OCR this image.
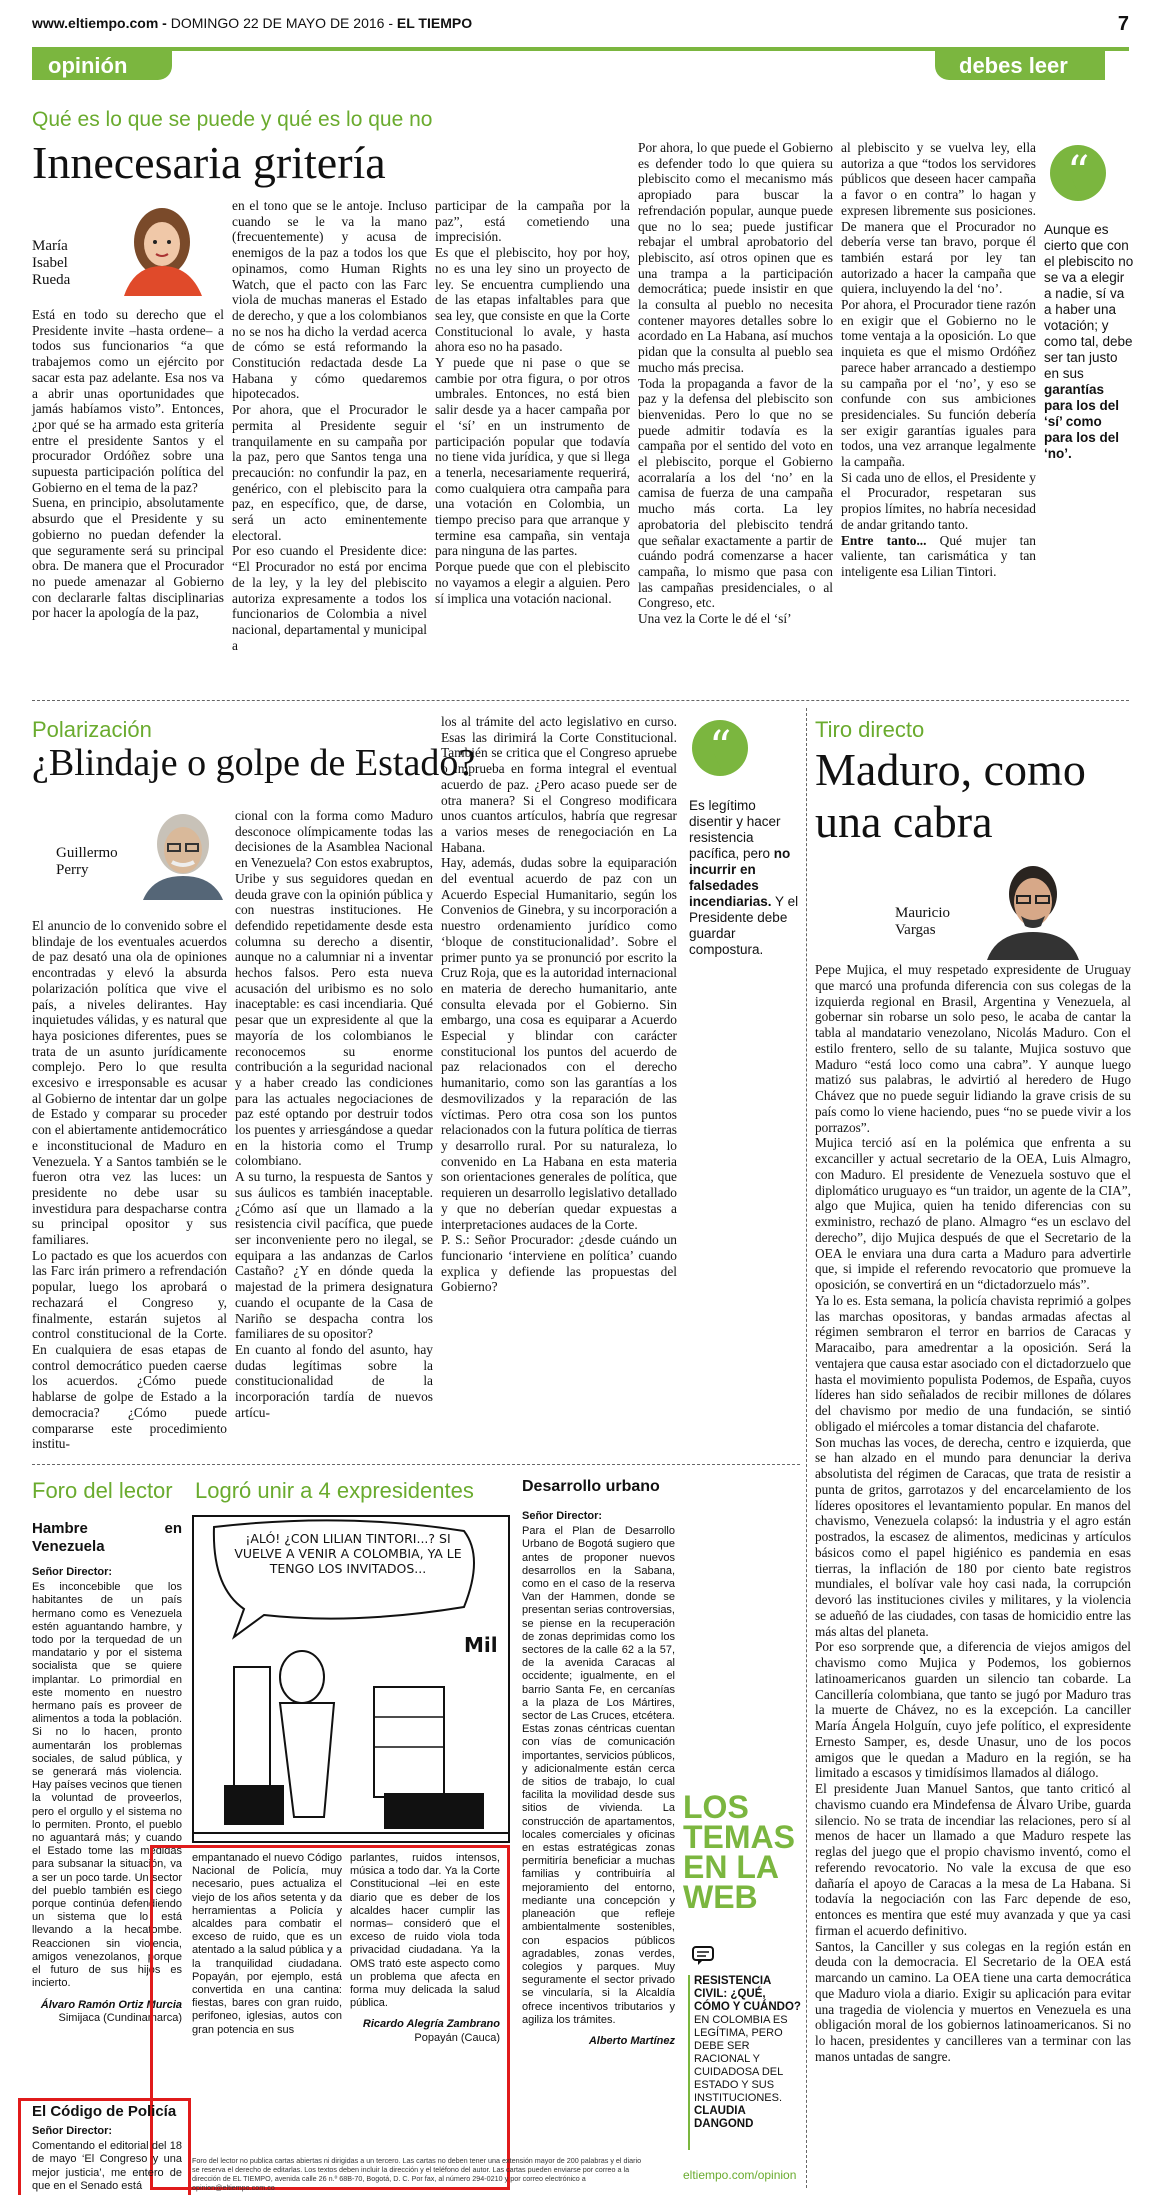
www.eltiempo.com - DOMINGO 22 DE MAYO DE 2016 - EL TIEMPO	7
opinión	debes leer
Qué es lo que se puede y qué es lo que no
Innecesaria gritería
María
Isabel
Rueda
Está en todo su derecho que el Presidente invite –hasta ordene– a todos sus funcionarios “a que trabajemos como un ejército por sacar esta paz adelante. Esa nos va a abrir unas oportunidades que jamás habíamos visto”. Entonces, ¿por qué se ha armado esta gritería entre el presidente Santos y el procurador Ordóñez sobre una supuesta participación política del Gobierno en el tema de la paz?
Suena, en principio, absolutamente absurdo que el Presidente y su gobierno no puedan defender la que seguramente será su principal obra. De manera que el Procurador no puede amenazar al Gobierno con declararle faltas disciplinarias por hacer la apología de la paz,
en el tono que se le antoje. Incluso cuando se le va la mano (frecuentemente) y acusa de enemigos de la paz a todos los que opinamos, como Human Rights Watch, que el pacto con las Farc viola de muchas maneras el Estado de derecho, y que a los colombianos no se nos ha dicho la verdad acerca de cómo se está reformando la Constitución redactada desde La Habana y cómo quedaremos hipotecados.
Por ahora, que el Procurador le permita al Presidente seguir tranquilamente en su campaña por la paz, pero que Santos tenga una precaución: no confundir la paz, en genérico, con el plebiscito para la paz, en específico, que, de darse, será un acto eminentemente electoral.
Por eso cuando el Presidente dice: “El Procurador no está por encima de la ley, y la ley del plebiscito autoriza expresamente a todos los funcionarios de Colombia a nivel nacional, departamental y municipal a
participar de la campaña por la paz”, está cometiendo una imprecisión.
Es que el plebiscito, hoy por hoy, no es una ley sino un proyecto de ley. Se encuentra cumpliendo una de las etapas infaltables para que sea ley, que consiste en que la Corte Constitucional lo avale, y hasta ahora eso no ha pasado.
Y puede que ni pase o que se cambie por otra figura, o por otros umbrales. Entonces, no está bien salir desde ya a hacer campaña por el ‘sí’ en un instrumento de participación popular que todavía no tiene vida jurídica, y que si llega a tenerla, necesariamente requerirá, como cualquiera otra campaña para una votación en Colombia, un tiempo preciso para que arranque y terminе esa campaña, sin ventaja para ninguna de las partes.
Porque puede que con el plebiscito no vayamos a elegir a alguien. Pero sí implica una votación nacional.
Por ahora, lo que puede el Gobierno es defender todo lo que quiera su plebiscito como el mecanismo más apropiado para buscar la refrendación popular, aunque puede que no lo sea; puede justificar rebajar el umbral aprobatorio del plebiscito, así otros opinen que es una trampa a la participación democrática; puede insistir en que la consulta al pueblo no necesita contener mayores detalles sobre lo acordado en La Habana, así muchos pidan que la consulta al pueblo sea mucho más precisa.
Toda la propaganda a favor de la paz y la defensa del plebiscito son bienvenidas. Pero lo que no se puede admitir todavía es la campaña por el sentido del voto en el plebiscito, porque el Gobierno acorralaría a los del ‘no’ en la camisa de fuerza de una campaña mucho más corta. La ley aprobatoria del plebiscito tendrá que señalar exactamente a partir de cuándo podrá comenzarse a hacer campaña, lo mismo que pasa con las campañas presidenciales, o al Congreso, etc.
Una vez la Corte le dé el ‘sí’
al plebiscito y se vuelva ley, ella autoriza a que “todos los servidores públicos que deseen hacer campaña a favor o en contra” lo hagan y expresen libremente sus posiciones. De manera que el Procurador no debería verse tan bravo, porque él también estará por ley tan autorizado a hacer la campaña que quiera, incluyendo la del ‘no’.
Por ahora, el Procurador tiene razón en exigir que el Gobierno no le tome ventaja a la oposición. Lo que inquieta es que el mismo Ordóñez parece haber arrancado a destiempo su campaña por el ‘no’, y eso se confunde con sus ambiciones presidenciales. Su función debería ser exigir garantías iguales para todos, una vez arranque legalmente la campaña.
Si cada uno de ellos, el Presidente y el Procurador, respetaran sus propios límites, no habría necesidad de andar gritando tanto.
Entre tanto... Qué mujer tan valiente, tan carismática y tan inteligente esa Lilian Tintori.
“
Aunque es cierto que con el plebiscito no se va a elegir a nadie, sí va a haber una votación; y como tal, debe ser tan justo en sus garantías para los del ‘sí’ como para los del ‘no’.
Polarización
¿Blindaje o golpe de Estado?
Guillermo
Perry
El anuncio de lo convenido sobre el blindaje de los eventuales acuerdos de paz desató una ola de opiniones encontradas y elevó la absurda polarización política que vive el país, a niveles delirantes. Hay inquietudes válidas, y es natural que haya posiciones diferentes, pues se trata de un asunto jurídicamente complejo. Pero lo que resulta excesivo e irresponsable es acusar al Gobierno de intentar dar un golpe de Estado y comparar su proceder con el abiertamente antidemocrático e inconstitucional de Maduro en Venezuela. Y a Santos también se le fueron otra vez las luces: un presidente no debe usar su investidura para despacharse contra su principal opositor y sus familiares.
Lo pactado es que los acuerdos con las Farc irán primero a refrendación popular, luego los aprobará o rechazará el Congreso y, finalmente, estarán sujetos al control constitucional de la Corte. En cualquiera de esas etapas de control democrático pueden caerse los acuerdos. ¿Cómo puede hablarse de golpe de Estado a la democracia? ¿Cómo puede compararse este procedimiento institu-
cional con la forma como Maduro desconoce olímpicamente todas las decisiones de la Asamblea Nacional en Venezuela? Con estos exabruptos, Uribe y sus seguidores quedan en deuda grave con la opinión pública y con nuestras instituciones. He defendido repetidamente desde esta columna su derecho a disentir, aunque no a calumniar ni a inventar hechos falsos. Pero esta nueva acusación del uribismo es no solo inaceptable: es casi incendiaria. Qué pesar que un expresidente al que la mayoría de los colombianos le reconocemos su enorme contribución a la seguridad nacional y a haber creado las condiciones para las actuales negociaciones de paz esté optando por destruir todos los puentes y arriesgándose a quedar en la historia como el Trump colombiano.
A su turno, la respuesta de Santos y sus áulicos es también inaceptable. ¿Cómo así que un llamado a la resistencia civil pacífica, que puede ser inconveniente pero no ilegal, se equipara a las andanzas de Carlos Castaño? ¿Y en dónde queda la majestad de la primera designatura cuando el ocupante de la Casa de Nariño se despacha contra los familiares de su opositor?
En cuanto al fondo del asunto, hay dudas legítimas sobre la constitucionalidad de la incorporación tardía de nuevos artícu-
los al trámite del acto legislativo en curso. Esas las dirimirá la Corte Constitucional. También se critica que el Congreso apruebe o imprueba en forma integral el eventual acuerdo de paz. ¿Pero acaso puede ser de otra manera? Si el Congreso modificara unos cuantos artículos, habría que regresar a varios meses de renegociación en La Habana.
Hay, además, dudas sobre la equiparación del eventual acuerdo de paz con un Acuerdo Especial Humanitario, según los Convenios de Ginebra, y su incorporación a nuestro ordenamiento jurídico como ‘bloque de constitucionalidad’. Sobre el primer punto ya se pronunció por escrito la Cruz Roja, que es la autoridad internacional en materia de derecho humanitario, ante consulta elevada por el Gobierno. Sin embargo, una cosa es equiparar a Acuerdo Especial y blindar con carácter constitucional los puntos del acuerdo de paz relacionados con el derecho humanitario, como son las garantías a los desmovilizados y la reparación de las víctimas. Pero otra cosa son los puntos relacionados con la futura política de tierras y desarrollo rural. Por su naturaleza, lo convenido en La Habana en esta materia son orientaciones generales de política, que requieren un desarrollo legislativo detallado y que no deberían quedar expuestas a interpretaciones audaces de la Corte.
P. S.: Señor Procurador: ¿desde cuándo un funcionario ‘interviene en política’ cuando explica y defiende las propuestas del Gobierno?
“
Es legítimo disentir y hacer resistencia pacífica, pero no incurrir en falsedades incendiarias. Y el Presidente debe guardar compostura.
Tiro directo
Maduro, como una cabra
Mauricio
Vargas
Pepe Mujica, el muy respetado expresidente de Uruguay que marcó una profunda diferencia con sus colegas de la izquierda regional en Brasil, Argentina y Venezuela, al gobernar sin robarse un solo peso, le acaba de cantar la tabla al mandatario venezolano, Nicolás Maduro. Con el estilo frentero, sello de su talante, Mujica sostuvo que Maduro “está loco como una cabra”. Y aunque luego matizó sus palabras, le advirtió al heredero de Hugo Chávez que no puede seguir lidiando la grave crisis de su país como lo viene haciendo, pues “no se puede vivir a los porrazos”.
Mujica terció así en la polémica que enfrenta a su excanciller y actual secretario de la OEA, Luis Almagro, con Maduro. El presidente de Venezuela sostuvo que el diplomático uruguayo es “un traidor, un agente de la CIA”, algo que Mujica, quien ha tenido diferencias con su exministro, rechazó de plano. Almagro “es un esclavo del derecho”, dijo Mujica después de que el Secretario de la OEA le enviara una dura carta a Maduro para advertirle que, si impide el referendo revocatorio que promueve la oposición, se convertirá en un “dictadorzuelo más”.
Ya lo es. Esta semana, la policía chavista reprimió a golpes las marchas opositoras, y bandas armadas afectas al régimen sembraron el terror en barrios de Caracas y Maracaibo, para amedrentar a la oposición. Será la ventajera que causa estar asociado con el dictadorzuelo que hasta el movimiento populista Podemos, de España, cuyos líderes han sido señalados de recibir millones de dólares del chavismo por medio de una fundación, se sintió obligado el miércoles a tomar distancia del chafarote.
Son muchas las voces, de derecha, centro e izquierda, que se han alzado en el mundo para denunciar la deriva absolutista del régimen de Caracas, que trata de resistir a punta de gritos, garrotazos y del encarcelamiento de los líderes opositores el levantamiento popular. En manos del chavismo, Venezuela colapsó: la industria y el agro están postrados, la escasez de alimentos, medicinas y artículos básicos como el papel higiénico es pandemia en esas tierras, la inflación de 180 por ciento bate registros mundiales, el bolívar vale hoy casi nada, la corrupción devoró las instituciones civiles y militares, y la violencia se adueñó de las ciudades, con tasas de homicidio entre las más altas del planeta.
Por eso sorprende que, a diferencia de viejos amigos del chavismo como Mujica y Podemos, los gobiernos latinoamericanos guarden un silencio tan cobarde. La Cancillería colombiana, que tanto se jugó por Maduro tras la muerte de Chávez, no es la excepción. La canciller María Ángela Holguín, cuyo jefe político, el expresidente Ernesto Samper, es, desde Unasur, uno de los pocos amigos que le quedan a Maduro en la región, se ha limitado a escasos y timidísimos llamados al diálogo.
El presidente Juan Manuel Santos, que tanto criticó al chavismo cuando era Mindefensa de Álvaro Uribe, guarda silencio. No se trata de incendiar las relaciones, pero sí al menos de hacer un llamado a que Maduro respete las reglas del juego que el propio chavismo inventó, como el referendo revocatorio. No vale la excusa de que eso dañaría el apoyo de Caracas a la mesa de La Habana. Si todavía la negociación con las Farc depende de eso, entonces es mentira que esté muy avanzada y que ya casi firman el acuerdo definitivo.
Santos, la Canciller y sus colegas en la región están en deuda con la democracia. El Secretario de la OEA está marcando un camino. La OEA tiene una carta democrática que Maduro viola a diario. Exigir su aplicación para evitar una tragedia de violencia y muertos en Venezuela es una obligación moral de los gobiernos latinoamericanos. Si no lo hacen, presidentes y cancilleres van a terminar con las manos untadas de sangre.
Foro del lector
Hambre en Venezuela
Señor Director:
Es inconcebible que los habitantes de un país hermano como es Venezuela estén aguantando hambre, y todo por la terquedad de un mandatario y por el sistema socialista que se quiere implantar. Lo primordial en este momento en nuestro hermano país es proveer de alimentos a toda la población. Si no lo hacen, pronto aumentarán los problemas sociales, de salud pública, y se generará más violencia. Hay países vecinos que tienen la voluntad de proveerlos, pero el orgullo y el sistema no lo permiten. Pronto, el pueblo no aguantará más; y cuando el Estado tome las medidas para subsanar la situación, va a ser un poco tarde. Un sector del pueblo también es ciego porque continúa defendiendo un sistema que lo está llevando a la hecatombe. Reaccionen sin violencia, amigos venezolanos, porque el futuro de sus hijos es incierto.
Álvaro Ramón Ortiz Murcia
Simijaca (Cundinamarca)
El Código de Policía
Señor Director:
Comentando el editorial del 18 de mayo ‘El Congreso y una mejor justicia’, me entero de que en el Senado está
empantanado el nuevo Código Nacional de Policía, muy necesario, pues actualiza el viejo de los años setenta y da herramientas a Policía y alcaldes para combatir el exceso de ruido, que es un atentado a la salud pública y a la tranquilidad ciudadana. Popayán, por ejemplo, está convertida en una cantina: fiestas, bares con gran ruido, perifoneo, iglesias, autos con gran potencia en sus
parlantes, ruidos intensos, música a todo dar. Ya la Corte Constitucional –lei en este diario que es deber de los alcaldes hacer cumplir las normas– consideró que el exceso de ruido viola toda privacidad ciudadana. Ya la OMS trató este aspecto como un problema que afecta en forma muy delicada la salud pública.
Ricardo Alegría Zambrano
Popayán (Cauca)
Foro del lector no publica cartas abiertas ni dirigidas a un tercero. Las cartas no deben tener una extensión mayor de 200 palabras y el diario se reserva el derecho de editarlas. Los textos deben incluir la dirección y el teléfono del autor. Las cartas pueden enviarse por correo a la dirección de EL TIEMPO, avenida calle 26 n.º 68B-70, Bogotá, D. C. Por fax, al número 294-0210 y por correo electrónico a opinion@eltiempo.com.co
Logró unir a 4 expresidentes
¡ALÓ! ¿CON LILIAN TINTORI...? SI VUELVE A VENIR A COLOMBIA, YA LE TENGO LOS INVITADOS...
Mil
Desarrollo urbano
Señor Director:
Para el Plan de Desarrollo Urbano de Bogotá sugiero que antes de proponer nuevos desarrollos en la Sabana, como en el caso de la reserva Van der Hammen, donde se presentan serias controversias, se piense en la recuperación de zonas deprimidas como los sectores de la calle 62 a la 57, de la avenida Caracas al occidente; igualmente, en el barrio Santa Fe, en cercanías a la plaza de Los Mártires, sector de Las Cruces, etcétera. Estas zonas céntricas cuentan con vías de comunicación importantes, servicios públicos, y adicionalmente están cerca de sitios de trabajo, lo cual facilita la movilidad desde sus sitios de vivienda. La construcción de apartamentos, locales comerciales y oficinas en estas estratégicas zonas permitiría beneficiar a muchas familias y contribuiría al mejoramiento del entorno, mediante una concepción y planeación que refleje ambientalmente sostenibles, con espacios públicos agradables, zonas verdes, colegios y parques. Muy seguramente el sector privado se vincularía, si la Alcaldía ofrece incentivos tributarios y agiliza los trámites.
Alberto Martínez
LOS TEMAS EN LA WEB
RESISTENCIA CIVIL: ¿QUÉ, CÓMO Y CUÁNDO?
EN COLOMBIA ES LEGÍTIMA, PERO DEBE SER RACIONAL Y CUIDADOSA DEL ESTADO Y SUS INSTITUCIONES.
CLAUDIA DANGOND
eltiempo.com/opinion
